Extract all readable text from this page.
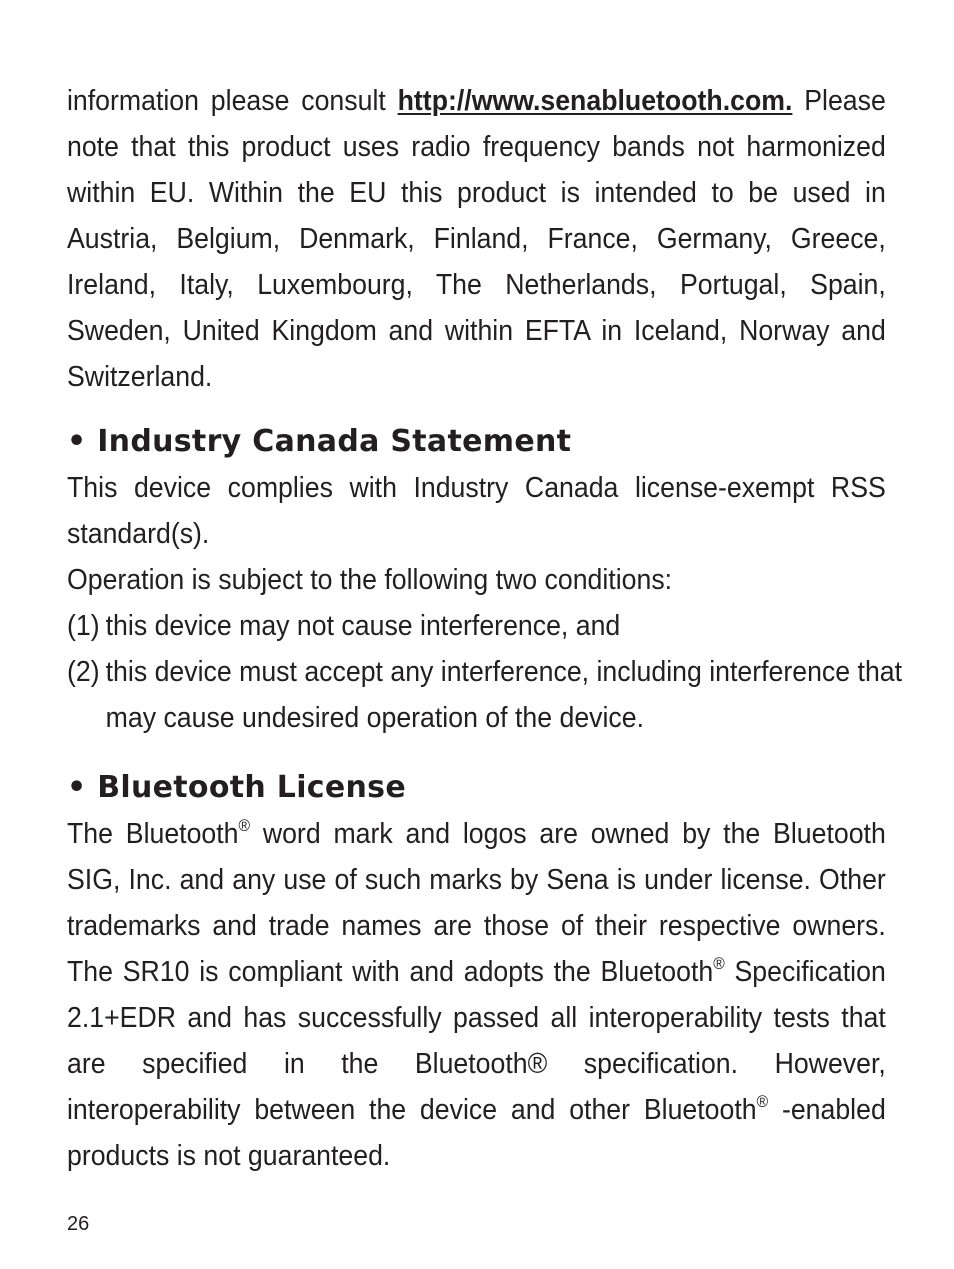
information please consult http://www.senabluetooth.com. Please note that this product uses radio frequency bands not harmonized within EU. Within the EU this product is intended to be used in Austria, Belgium, Denmark, Finland, France, Germany, Greece, Ireland, Italy, Luxembourg, The Netherlands, Portugal, Spain, Sweden, United Kingdom and within EFTA in Iceland, Norway and Switzerland.

• Industry Canada Statement

This device complies with Industry Canada license-exempt RSS standard(s).

Operation is subject to the following two conditions:

(1) this device may not cause interference, and

(2) this device must accept any interference, including interference that may cause undesired operation of the device.

• Bluetooth License

The Bluetooth® word mark and logos are owned by the Bluetooth SIG, Inc. and any use of such marks by Sena is under license. Other trademarks and trade names are those of their respective owners. The SR10 is compliant with and adopts the Bluetooth® Specification 2.1+EDR and has successfully passed all interoperability tests that are specified in the Bluetooth® specification. However, interoperability between the device and other Bluetooth® -enabled products is not guaranteed.

26
